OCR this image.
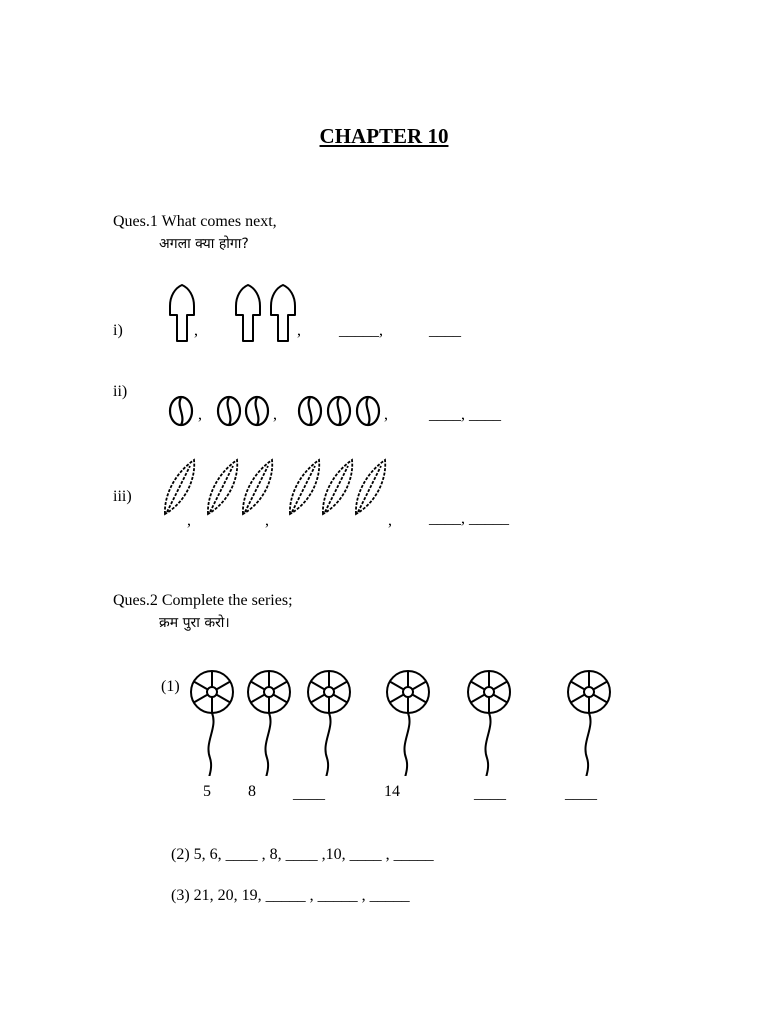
CHAPTER 10
Ques.1 What comes next,
अगला क्या होगा?
i)	,	, _____,	____
ii)
,	,	,	____, ____
iii)
,	,	, ____, _____
Ques.2 Complete the series;
क्रम पुरा करो।
(1)
5 8 ____	14	____	____
(2) 5, 6, ____ , 8, ____ ,10, ____ , _____
(3) 21, 20, 19, _____ , _____ , _____
